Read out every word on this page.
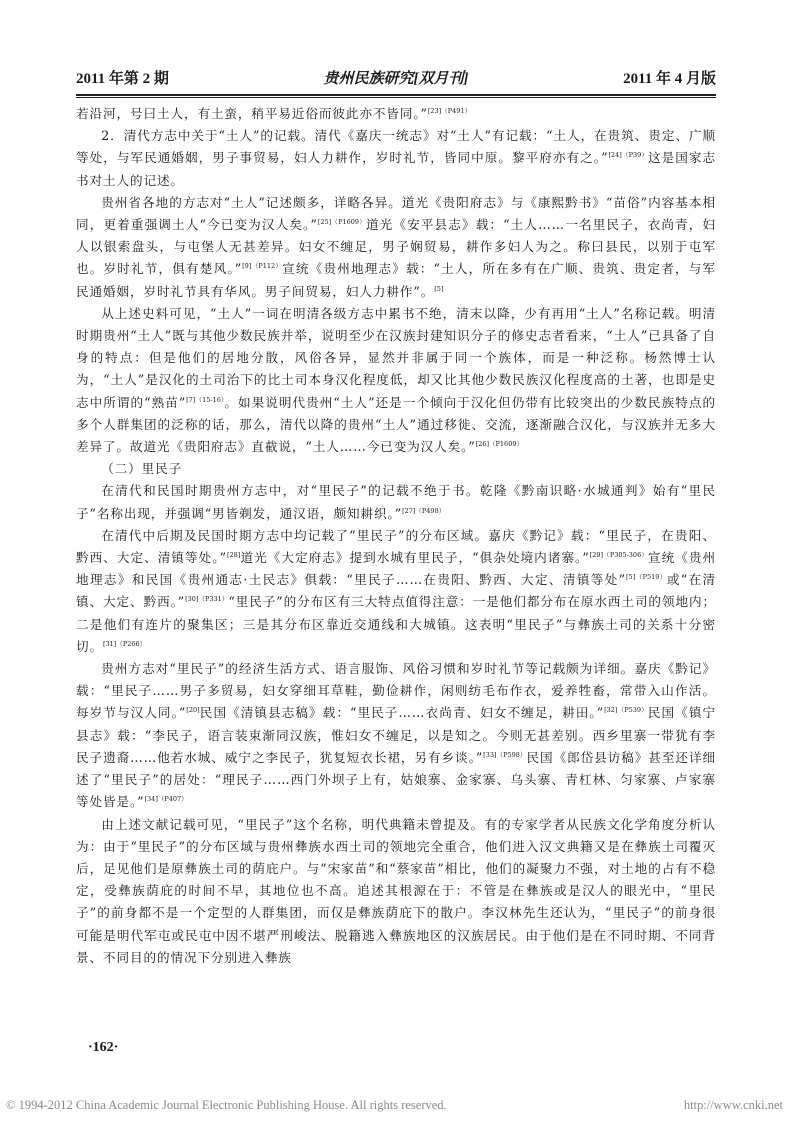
2011 年第 2 期	贵州民族研究[双月刊]	2011 年 4 月版

若沿河，号曰土人，有土蛮，稍平易近俗而彼此亦不皆同。”$^{[23](P491)}$

2．清代方志中关于“土人”的记载。清代《嘉庆一统志》对“土人”有记载：“土人，在贵筑、贵定、广顺等处，与军民通婚姻，男子事贸易，妇人力耕作，岁时礼节，皆同中原。黎平府亦有之。”$^{[24](P39)}$这是国家志书对土人的记述。

贵州省各地的方志对“土人”记述颇多，详略各异。道光《贵阳府志》与《康熙黔书》“苗俗”内容基本相同，更着重强调土人“今已变为汉人矣。”$^{[25](P1609)}$道光《安平县志》载：“土人……一名里民子，衣尚青，妇人以银索盘头，与屯堡人无甚差异。妇女不缠足，男子娴贸易，耕作多妇人为之。称曰县民，以别于屯军也。岁时礼节，俱有楚风。”$^{[9](P112)}$宣统《贵州地理志》载：“土人，所在多有在广顺、贵筑、贵定者，与军民通婚姻，岁时礼节具有华风。男子间贸易，妇人力耕作”。[5]

从上述史料可见，“土人”一词在明清各级方志中累书不绝，清末以降，少有再用“土人”名称记载。明清时期贵州“土人”既与其他少数民族并举，说明至少在汉族封建知识分子的修史志者看来，“土人”已具备了自身的特点：但是他们的居地分散，风俗各异，显然并非属于同一个族体，而是一种泛称。杨然博士认为，“土人”是汉化的土司治下的比土司本身汉化程度低，却又比其他少数民族汉化程度高的土著，也即是史志中所谓的“熟苗”$^{[7](15-16)}$。如果说明代贵州“土人”还是一个倾向于汉化但仍带有比较突出的少数民族特点的多个人群集团的泛称的话，那么，清代以降的贵州“土人”通过移徙、交流，逐渐融合汉化，与汉族并无多大差异了。故道光《贵阳府志》直截说，“土人……今已变为汉人矣。”$^{[26](P1609)}$

（二）里民子

在清代和民国时期贵州方志中，对“里民子”的记载不绝于书。乾隆《黔南识略·水城通判》始有“里民子”名称出现，并强调“男皆剃发，通汉语，颇知耕织。”$^{[27](P498)}$

在清代中后期及民国时期方志中均记载了“里民子”的分布区域。嘉庆《黔记》载：“里民子，在贵阳、黔西、大定、清镇等处。”[28]道光《大定府志》提到水城有里民子，“俱杂处境内诸寨。”$^{[29](P305-306)}$宣统《贵州地理志》和民国《贵州通志·土民志》俱载：“里民子……在贵阳、黔西、大定、清镇等处”$^{[5](P519)}$或“在清镇、大定、黔西。”$^{[30](P331)}$“里民子”的分布区有三大特点值得注意：一是他们都分布在原水西土司的领地内；二是他们有连片的聚集区；三是其分布区靠近交通线和大城镇。这表明“里民子”与彝族土司的关系十分密切。$^{[31](P266)}$

贵州方志对“里民子”的经济生活方式、语言服饰、风俗习惯和岁时礼节等记载颇为详细。嘉庆《黔记》载：“里民子……男子多贸易，妇女穿细耳草鞋，勤俭耕作，闲则纺毛布作衣，爱养牲畜，常带入山作活。每岁节与汉人同。”[20]民国《清镇县志稿》载：“里民子……衣尚青、妇女不缠足，耕田。”$^{[32](P539)}$民国《镇宁县志》载：“李民子，语言装束渐同汉族，惟妇女不缠足，以是知之。今则无甚差别。西乡里寨一带犹有李民子遗裔……他若水城、威宁之李民子，犹复短衣长裙，另有乡谈。”$^{[33](P598)}$民国《郎岱县访稿》甚至还详细述了“里民子”的居处：“理民子……西门外坝子上有，姑娘寨、金家寨、乌头寨、青杠林、匀家寨、卢家寨等处皆是。”$^{[34](P407)}$

由上述文献记载可见，“里民子”这个名称，明代典籍未曾提及。有的专家学者从民族文化学角度分析认为：由于“里民子”的分布区域与贵州彝族水西土司的领地完全重合，他们进入汉文典籍又是在彝族土司覆灭后，足见他们是原彝族土司的荫庇户。与“宋家苗”和“蔡家苗”相比，他们的凝聚力不强，对土地的占有不稳定，受彝族荫庇的时间不早，其地位也不高。追述其根源在于：不管是在彝族或是汉人的眼光中，“里民子”的前身都不是一个定型的人群集团，而仅是彝族荫庇下的散户。李汉林先生还认为，“里民子”的前身很可能是明代军屯或民屯中因不堪严刑峻法、脱籍逃入彝族地区的汉族居民。由于他们是在不同时期、不同背景、不同目的的情况下分别进入彝族

·162·
© 1994-2012 China Academic Journal Electronic Publishing House. All rights reserved.	http://www.cnki.net
